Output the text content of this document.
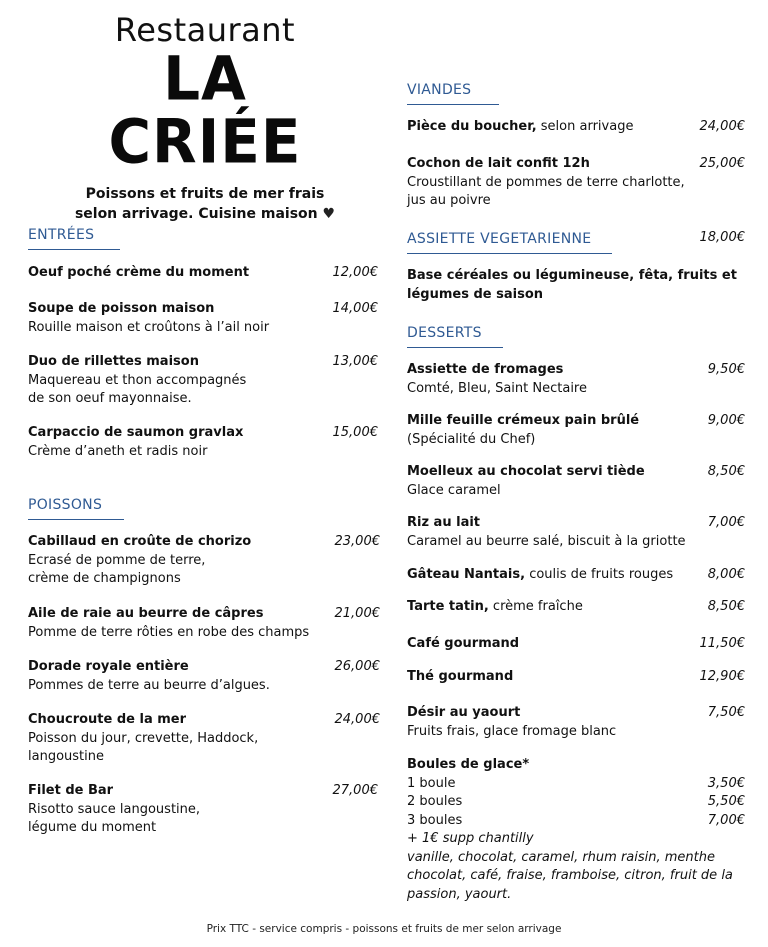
Restaurant
LA CRIÉE
Poissons et fruits de mer frais
selon arrivage. Cuisine maison ♥
ENTRÉES
Oeuf poché crème du moment	12,00€
Soupe de poisson maison	14,00€
Rouille maison et croûtons à l’ail noir
Duo de rillettes maison	13,00€
Maquereau et thon accompagnés
de son oeuf mayonnaise.
Carpaccio de saumon gravlax	15,00€
Crème d’aneth et radis noir
POISSONS
Cabillaud en croûte de chorizo	23,00€
Ecrasé de pomme de terre,
crème de champignons
Aile de raie au beurre de câpres	21,00€
Pomme de terre rôties en robe des champs
Dorade royale entière	26,00€
Pommes de terre au beurre d’algues.
Choucroute de la mer	24,00€
Poisson du jour, crevette, Haddock,
langoustine
Filet de Bar	27,00€
Risotto sauce langoustine,
légume du moment
VIANDES
Pièce du boucher, selon arrivage	24,00€
Cochon de lait confit 12h	25,00€
Croustillant de pommes de terre charlotte,
jus au poivre
ASSIETTE VEGETARIENNE	18,00€
Base céréales ou légumineuse, fêta, fruits et
légumes de saison
DESSERTS
Assiette de fromages	9,50€
Comté, Bleu, Saint Nectaire
Mille feuille crémeux pain brûlé	9,00€
(Spécialité du Chef)
Moelleux au chocolat servi tiède	8,50€
Glace caramel
Riz au lait	7,00€
Caramel au beurre salé, biscuit à la griotte
Gâteau Nantais, coulis de fruits rouges	8,00€
Tarte tatin, crème fraîche	8,50€
Café gourmand	11,50€
Thé gourmand	12,90€
Désir au yaourt	7,50€
Fruits frais, glace fromage blanc
Boules de glace*
1 boule	3,50€
2 boules	5,50€
3 boules	7,00€
+ 1€ supp chantilly
vanille, chocolat, caramel, rhum raisin, menthe
chocolat, café, fraise, framboise, citron, fruit de la
passion, yaourt.
Prix TTC - service compris - poissons et fruits de mer selon arrivage
